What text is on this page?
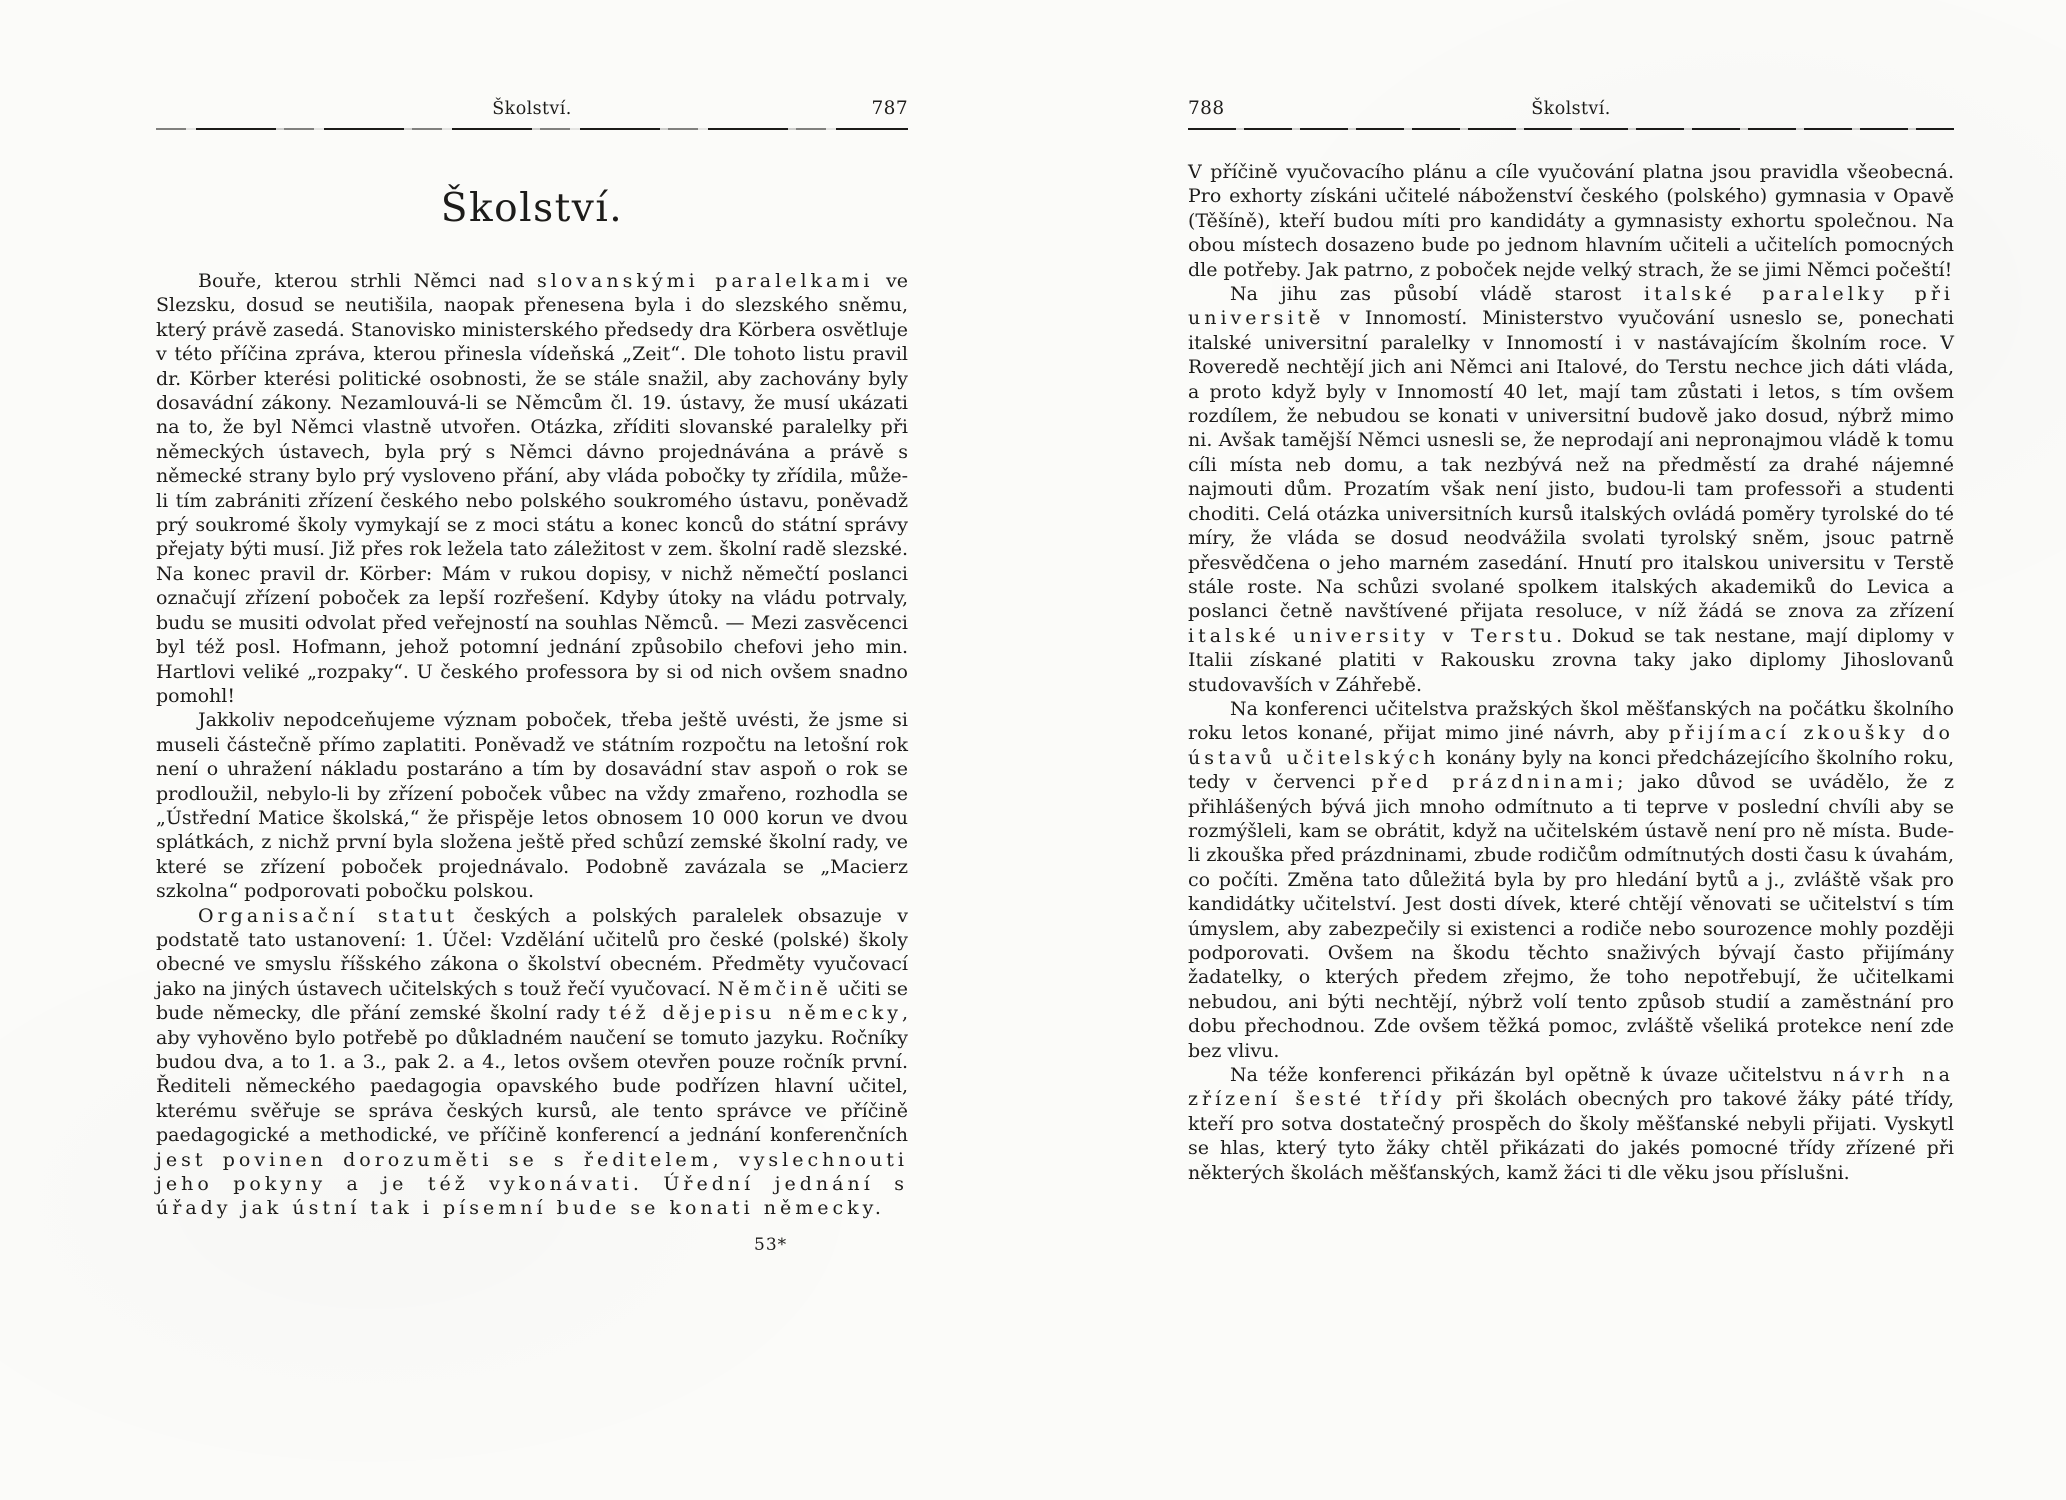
Školství.	787
Školství.

Bouře, kterou strhli Němci nad slovanskými paralelkami ve Slezsku, dosud se neutišila, naopak přenesena byla i do slezského sněmu, který právě zasedá. Stanovisko ministerského předsedy dra Körbera osvětluje v této příčina zpráva, kterou přinesla vídeňská „Zeit“. Dle tohoto listu pravil dr. Körber kterési politické osobnosti, že se stále snažil, aby zachovány byly dosavádní zákony. Nezamlouvá-li se Němcům čl. 19. ústavy, že musí ukázati na to, že byl Němci vlastně utvořen. Otázka, zříditi slovanské paralelky při německých ústavech, byla prý s Němci dávno projednávána a právě s německé strany bylo prý vysloveno přání, aby vláda pobočky ty zřídila, může-li tím zabrániti zřízení českého nebo polského soukromého ústavu, poněvadž prý soukromé školy vymykají se z moci státu a konec konců do státní správy přejaty býti musí. Již přes rok ležela tato záležitost v zem. školní radě slezské. Na konec pravil dr. Körber: Mám v rukou dopisy, v nichž němečtí poslanci označují zřízení poboček za lepší rozřešení. Kdyby útoky na vládu potrvaly, budu se musiti odvolat před veřejností na souhlas Němců. — Mezi zasvěcenci byl též posl. Hofmann, jehož potomní jednání způsobilo chefovi jeho min. Hartlovi veliké „rozpaky“. U českého professora by si od nich ovšem snadno pomohl!

Jakkoliv nepodceňujeme význam poboček, třeba ještě uvésti, že jsme si museli částečně přímo zaplatiti. Poněvadž ve státním rozpočtu na letošní rok není o uhražení nákladu postaráno a tím by dosavádní stav aspoň o rok se prodloužil, nebylo-li by zřízení poboček vůbec na vždy zmařeno, rozhodla se „Ústřední Matice školská,“ že přispěje letos obnosem 10 000 korun ve dvou splátkách, z nichž první byla složena ještě před schůzí zemské školní rady, ve které se zřízení poboček projednávalo. Podobně zavázala se „Macierz szkolna“ podporovati pobočku polskou.

Organisační statut českých a polských paralelek obsazuje v podstatě tato ustanovení: 1. Účel: Vzdělání učitelů pro české (polské) školy obecné ve smyslu říšského zákona o školství obecném. Předměty vyučovací jako na jiných ústavech učitelských s touž řečí vyučovací. Němčině učiti se bude německy, dle přání zemské školní rady též dějepisu německy, aby vyhověno bylo potřebě po důkladném naučení se tomuto jazyku. Ročníky budou dva, a to 1. a 3., pak 2. a 4., letos ovšem otevřen pouze ročník první. Řediteli německého paedagogia opavského bude podřízen hlavní učitel, kterému svěřuje se správa českých kursů, ale tento správce ve příčině paedagogické a methodické, ve příčině konferencí a jednání konferenčních jest povinen dorozuměti se s ředitelem, vyslechnouti jeho pokyny a je též vykonávati. Úřední jednání s úřady jak ústní tak i písemní bude se konati německy.

53*
788	Školství.

V příčině vyučovacího plánu a cíle vyučování platna jsou pravidla všeobecná. Pro exhorty získáni učitelé náboženství českého (polského) gymnasia v Opavě (Těšíně), kteří budou míti pro kandidáty a gymnasisty exhortu společnou. Na obou místech dosazeno bude po jednom hlavním učiteli a učitelích pomocných dle potřeby. Jak patrno, z poboček nejde velký strach, že se jimi Němci počeští!

Na jihu zas působí vládě starost italské paralelky při universitě v Innomostí. Ministerstvo vyučování usneslo se, ponechati italské universitní paralelky v Innomostí i v nastávajícím školním roce. V Roveredě nechtějí jich ani Němci ani Italové, do Terstu nechce jich dáti vláda, a proto když byly v Innomostí 40 let, mají tam zůstati i letos, s tím ovšem rozdílem, že nebudou se konati v universitní budově jako dosud, nýbrž mimo ni. Avšak tamější Němci usnesli se, že neprodají ani nepronajmou vládě k tomu cíli místa neb domu, a tak nezbývá než na předměstí za drahé nájemné najmouti dům. Prozatím však není jisto, budou-li tam professoři a studenti choditi. Celá otázka universitních kursů italských ovládá poměry tyrolské do té míry, že vláda se dosud neodvážila svolati tyrolský sněm, jsouc patrně přesvědčena o jeho marném zasedání. Hnutí pro italskou universitu v Terstě stále roste. Na schůzi svolané spolkem italských akademiků do Levica a poslanci četně navštívené přijata resoluce, v níž žádá se znova za zřízení italské university v Terstu. Dokud se tak nestane, mají diplomy v Italii získané platiti v Rakousku zrovna taky jako diplomy Jihoslovanů studovavších v Záhřebě.

Na konferenci učitelstva pražských škol měšťanských na počátku školního roku letos konané, přijat mimo jiné návrh, aby přijímací zkoušky do ústavů učitelských konány byly na konci předcházejícího školního roku, tedy v červenci před prázdninami; jako důvod se uvádělo, že z přihlášených bývá jich mnoho odmítnuto a ti teprve v poslední chvíli aby se rozmýšleli, kam se obrátit, když na učitelském ústavě není pro ně místa. Bude-li zkouška před prázdninami, zbude rodičům odmítnutých dosti času k úvahám, co počíti. Změna tato důležitá byla by pro hledání bytů a j., zvláště však pro kandidátky učitelství. Jest dosti dívek, které chtějí věnovati se učitelství s tím úmyslem, aby zabezpečily si existenci a rodiče nebo sourozence mohly později podporovati. Ovšem na škodu těchto snaživých bývají často přijímány žadatelky, o kterých předem zřejmo, že toho nepotřebují, že učitelkami nebudou, ani býti nechtějí, nýbrž volí tento způsob studií a zaměstnání pro dobu přechodnou. Zde ovšem těžká pomoc, zvláště všeliká protekce není zde bez vlivu.

Na téže konferenci přikázán byl opětně k úvaze učitelstvu návrh na zřízení šesté třídy při školách obecných pro takové žáky páté třídy, kteří pro sotva dostatečný prospěch do školy měšťanské nebyli přijati. Vyskytl se hlas, který tyto žáky chtěl přikázati do jakés pomocné třídy zřízené při některých školách měšťanských, kamž žáci ti dle věku jsou příslušni.
